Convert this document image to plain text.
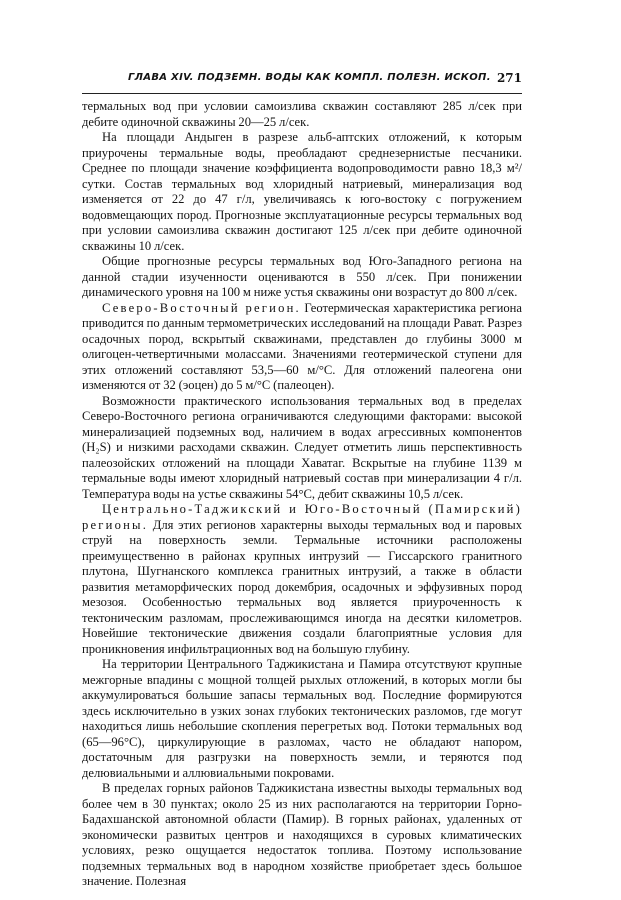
ГЛАВА XIV. ПОДЗЕМН. ВОДЫ КАК КОМПЛ. ПОЛЕЗН. ИСКОП. 271

термальных вод при условии самоизлива скважин составляют 285 л/сек при дебите одиночной скважины 20—25 л/сек.

На площади Андыген в разрезе альб-аптских отложений, к которым приурочены термальные воды, преобладают среднезернистые песчаники. Среднее по площади значение коэффициента водопроводимости равно 18,3 м²/сутки. Состав термальных вод хлоридный натриевый, минерализация вод изменяется от 22 до 47 г/л, увеличиваясь к юго-востоку с погружением водовмещающих пород. Прогнозные эксплуатационные ресурсы термальных вод при условии самоизлива скважин достигают 125 л/сек при дебите одиночной скважины 10 л/сек.

Общие прогнозные ресурсы термальных вод Юго-Западного региона на данной стадии изученности оцениваются в 550 л/сек. При понижении динамического уровня на 100 м ниже устья скважины они возрастут до 800 л/сек.

Северо-Восточный регион. Геотермическая характеристика региона приводится по данным термометрических исследований на площади Рават. Разрез осадочных пород, вскрытый скважинами, представлен до глубины 3000 м олигоцен-четвертичными молассами. Значениями геотермической ступени для этих отложений составляют 53,5—60 м/°С. Для отложений палеогена они изменяются от 32 (эоцен) до 5 м/°С (палеоцен).

Возможности практического использования термальных вод в пределах Северо-Восточного региона ограничиваются следующими факторами: высокой минерализацией подземных вод, наличием в водах агрессивных компонентов (H₂S) и низкими расходами скважин. Следует отметить лишь перспективность палеозойских отложений на площади Хаватаг. Вскрытые на глубине 1139 м термальные воды имеют хлоридный натриевый состав при минерализации 4 г/л. Температура воды на устье скважины 54°С, дебит скважины 10,5 л/сек.

Центрально-Таджикский и Юго-Восточный (Памирский) регионы. Для этих регионов характерны выходы термальных вод и паровых струй на поверхность земли. Термальные источники расположены преимущественно в районах крупных интрузий — Гиссарского гранитного плутона, Шугнанского комплекса гранитных интрузий, а также в области развития метаморфических пород докембрия, осадочных и эффузивных пород мезозоя. Особенностью термальных вод является приуроченность к тектоническим разломам, прослеживающимся иногда на десятки километров. Новейшие тектонические движения создали благоприятные условия для проникновения инфильтрационных вод на большую глубину.

На территории Центрального Таджикистана и Памира отсутствуют крупные межгорные впадины с мощной толщей рыхлых отложений, в которых могли бы аккумулироваться большие запасы термальных вод. Последние формируются здесь исключительно в узких зонах глубоких тектонических разломов, где могут находиться лишь небольшие скопления перегретых вод. Потоки термальных вод (65—96°С), циркулирующие в разломах, часто не обладают напором, достаточным для разгрузки на поверхность земли, и теряются под делювиальными и аллювиальными покровами.

В пределах горных районов Таджикистана известны выходы термальных вод более чем в 30 пунктах; около 25 из них располагаются на территории Горно-Бадахшанской автономной области (Памир). В горных районах, удаленных от экономически развитых центров и находящихся в суровых климатических условиях, резко ощущается недостаток топлива. Поэтому использование подземных термальных вод в народном хозяйстве приобретает здесь большое значение. Полезная
